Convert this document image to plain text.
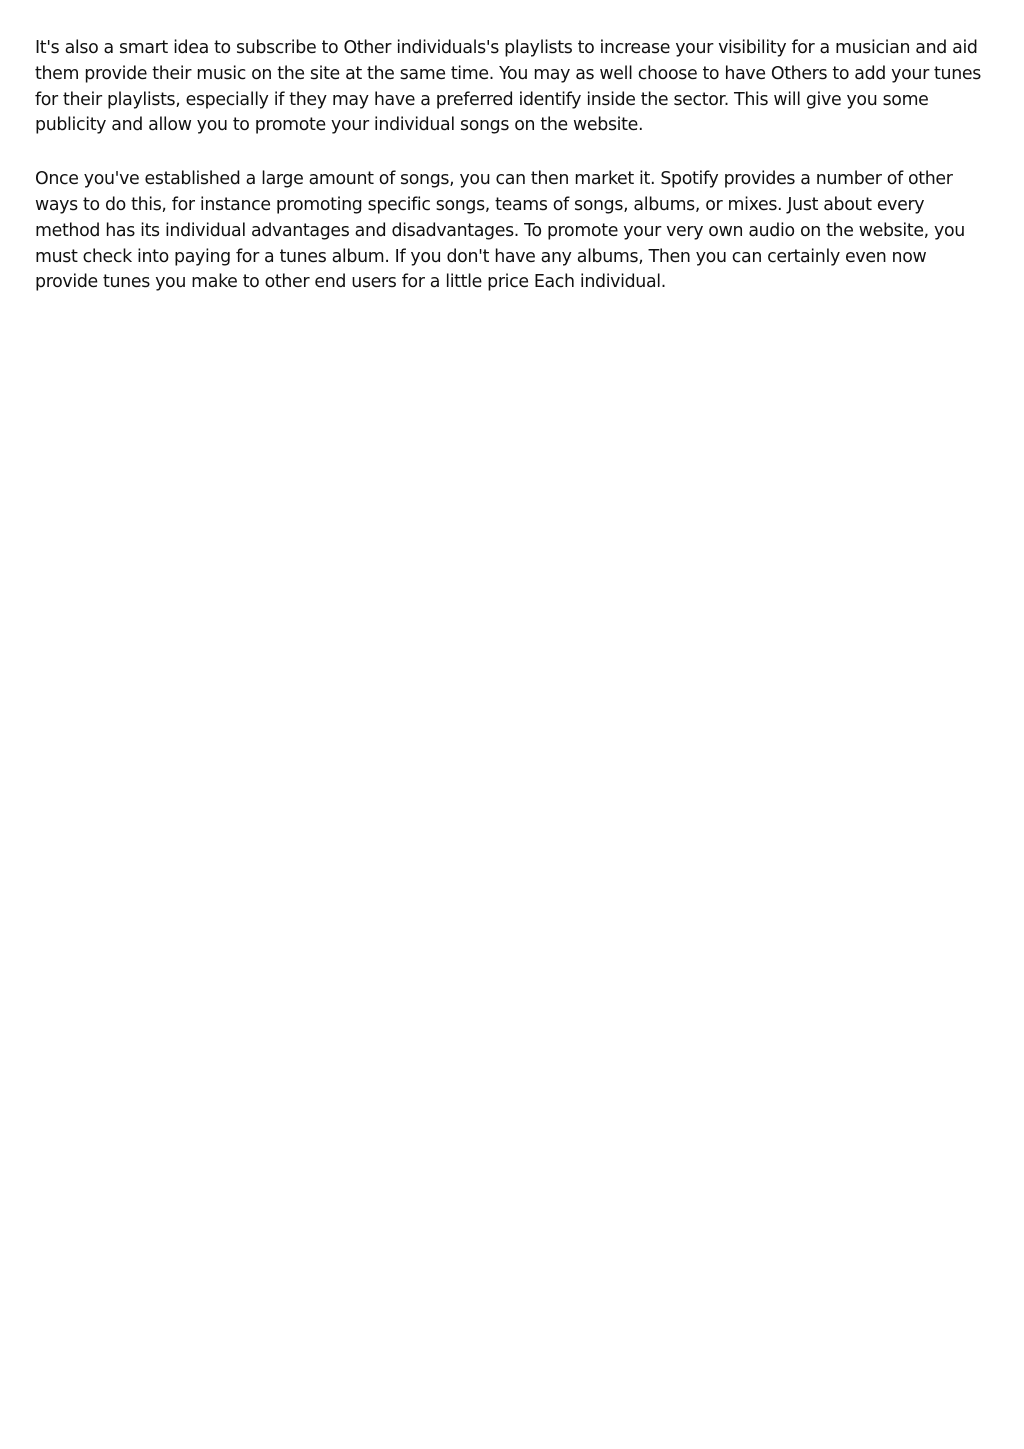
It's also a smart idea to subscribe to Other individuals's playlists to increase your visibility for a musician and aid them provide their music on the site at the same time. You may as well choose to have Others to add your tunes for their playlists, especially if they may have a preferred identify inside the sector. This will give you some publicity and allow you to promote your individual songs on the website.

Once you've established a large amount of songs, you can then market it. Spotify provides a number of other ways to do this, for instance promoting specific songs, teams of songs, albums, or mixes. Just about every method has its individual advantages and disadvantages. To promote your very own audio on the website, you must check into paying for a tunes album. If you don't have any albums, Then you can certainly even now provide tunes you make to other end users for a little price Each individual.
